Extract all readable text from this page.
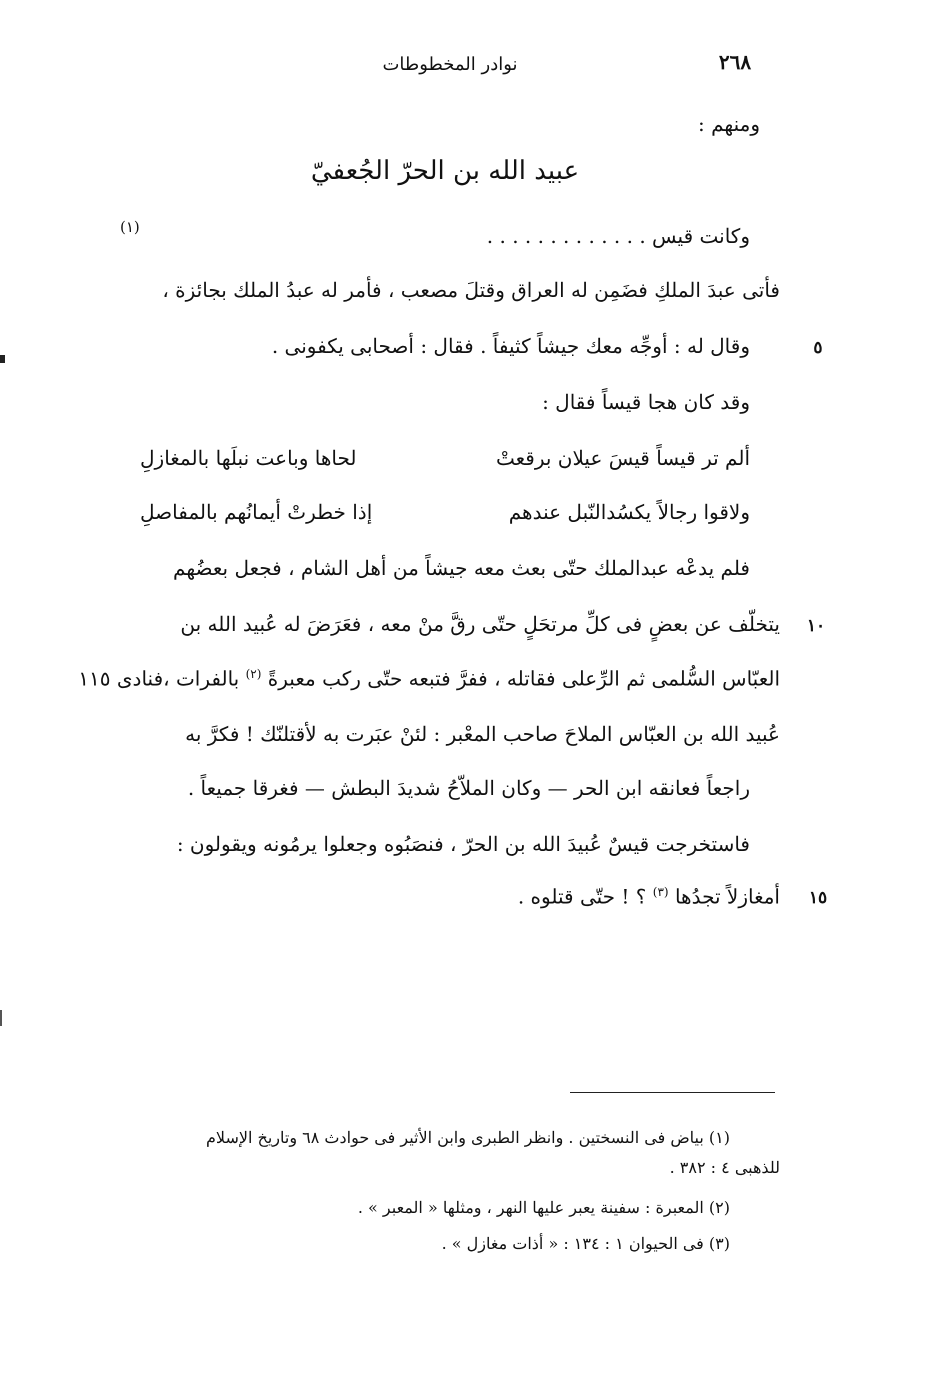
نوادر المخطوطات	٢٦٨
ومنهم :
عبيد الله بن الحرّ الجُعفيّ
وكانت قيس . . . . . . . . . . . . .
(١)
فأتى عبدَ الملكِ فضَمِن له العراق وقتلَ مصعب ، فأمر له عبدُ الملك بجائزة ،
وقال له : أوجِّه معك جيشاً كثيفاً . فقال : أصحابى يكفونى .	٥
وقد كان هجا قيساً فقال :
ألم تر قيساً قيسَ عيلان برقعتْ
لحاها وباعت نبلَها بالمغازلِ
ولاقوا رجالاً يكسُدالنّبل عندهم
إذا خطرتْ أيمانُهم بالمفاصلِ
فلم يدعْه عبدالملك حتّى بعث معه جيشاً من أهل الشام ، فجعل بعضُهم
يتخلّف عن بعضٍ فى كلِّ مرتحَلٍ حتّى رقَّ منْ معه ، فعَرَضَ له عُبيد الله بن	١٠
العبّاس السُّلمى ثم الرِّعلى فقاتله ، ففرَّ فتبعه حتّى ركب معبرةً $^{(٢)}$ بالفرات ،فنادى ١١٥
عُبيد الله بن العبّاس الملاحَ صاحب المعْبر : لئنْ عبَرت به لأقتلنّك ! فكرَّ به
راجعاً فعانقه ابن الحر — وكان الملاّحُ شديدَ البطش — فغرقا جميعاً .
فاستخرجت قيسٌ عُبيدَ الله بن الحرّ ، فنصَبُوه وجعلوا يرمُونه ويقولون :
أمغازلاً تجدُها $^{(٣)}$ ؟ ! حتّى قتلوه .	١٥
(١) بياض فى النسختين . وانظر الطبرى وابن الأثير فى حوادث ٦٨ وتاريخ الإسلام
للذهبى ٤ : ٣٨٢ .
(٢) المعبرة : سفينة يعبر عليها النهر ، ومثلها « المعبر » .
(٣) فى الحيوان ١ : ١٣٤ : « أذات مغازل » .
